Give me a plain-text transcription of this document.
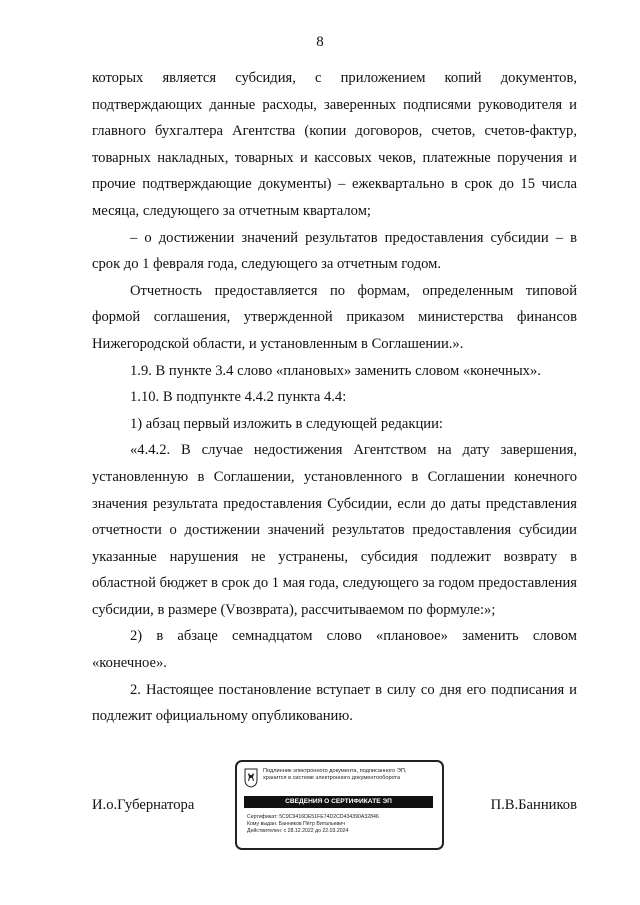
8

которых является субсидия, с приложением копий документов, подтверждающих данные расходы, заверенных подписями руководителя и главного бухгалтера Агентства (копии договоров, счетов, счетов-фактур, товарных накладных, товарных и кассовых чеков, платежные поручения и прочие подтверждающие документы) – ежеквартально в срок до 15 числа месяца, следующего за отчетным кварталом;

– о достижении значений результатов предоставления субсидии – в срок до 1 февраля года, следующего за отчетным годом.

Отчетность предоставляется по формам, определенным типовой формой соглашения, утвержденной приказом министерства финансов Нижегородской области, и установленным в Соглашении.».

1.9. В пункте 3.4 слово «плановых» заменить словом «конечных».

1.10. В подпункте 4.4.2 пункта 4.4:

1) абзац первый изложить в следующей редакции:

«4.4.2. В случае недостижения Агентством на дату завершения, установленную в Соглашении, установленного в Соглашении конечного значения результата предоставления Субсидии, если до даты представления отчетности о достижении значений результатов предоставления субсидии указанные нарушения не устранены, субсидия подлежит возврату в областной бюджет в срок до 1 мая года, следующего за годом предоставления субсидии, в размере (Vвозврата), рассчитываемом по формуле:»;

2) в абзаце семнадцатом слово «плановое» заменить словом «конечное».

2. Настоящее постановление вступает в силу со дня его подписания и подлежит официальному опубликованию.

И.о.Губернатора	П.В.Банников
Подлинник электронного документа, подписанного ЭП,
хранится в системе электронного документооборота
СВЕДЕНИЯ О СЕРТИФИКАТЕ ЭП
Сертификат: 5C9C9416DE51FE74D2CD434390A32846
Кому выдан: Банников Пётр Витальевич
Действителен: с 28.12.2022 до 22.03.2024
